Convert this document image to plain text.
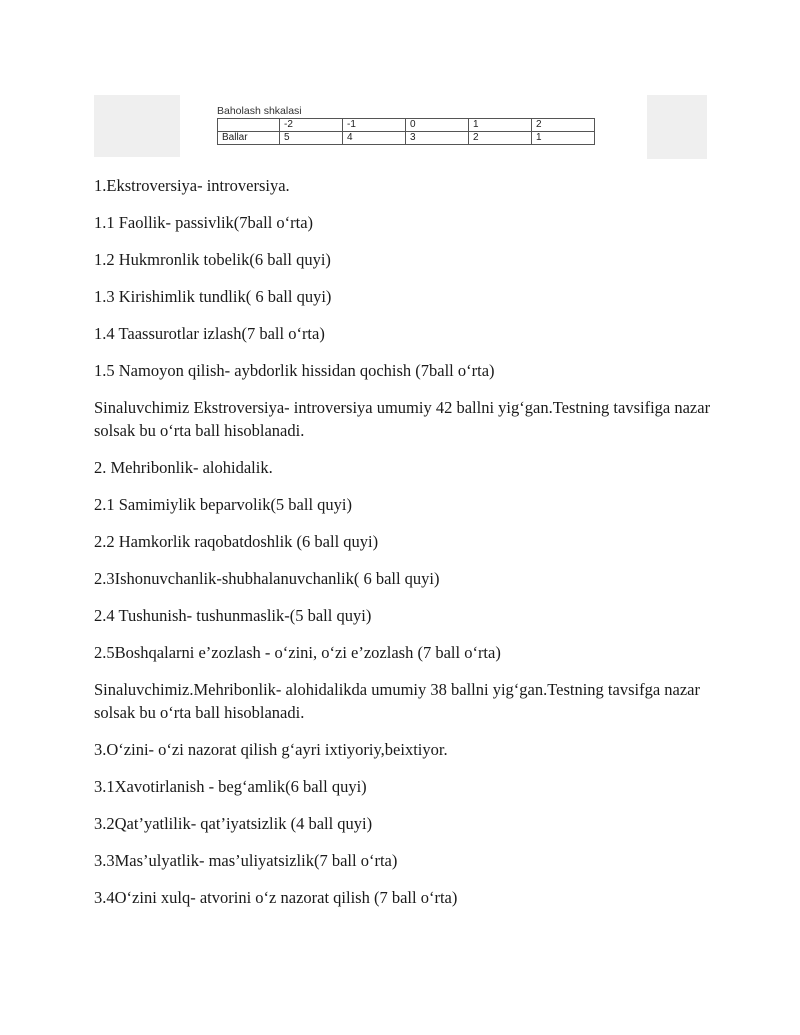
Baholash shkalasi
	-2	-1	0	1	2
Ballar	5	4	3	2	1

1.Ekstroversiya- introversiya.

1.1 Faollik- passivlik(7ball o‘rta)

1.2 Hukmronlik tobelik(6 ball quyi)

1.3 Kirishimlik tundlik( 6 ball quyi)

1.4 Taassurotlar izlash(7 ball o‘rta)

1.5 Namoyon qilish- aybdorlik hissidan qochish (7ball o‘rta)

Sinaluvchimiz Ekstroversiya- introversiya umumiy 42 ballni yig‘gan.Testning tavsifiga nazar solsak bu o‘rta ball hisoblanadi.

2. Mehribonlik- alohidalik.

2.1 Samimiylik beparvolik(5 ball quyi)

2.2 Hamkorlik raqobatdoshlik (6 ball quyi)

2.3Ishonuvchanlik-shubhalanuvchanlik( 6 ball quyi)

2.4 Tushunish- tushunmaslik-(5 ball quyi)

2.5Boshqalarni e’zozlash - o‘zini, o‘zi e’zozlash (7 ball o‘rta)

Sinaluvchimiz.Mehribonlik- alohidalikda umumiy 38 ballni yig‘gan.Testning tavsifga nazar solsak bu o‘rta ball hisoblanadi.

3.O‘zini- o‘zi nazorat qilish g‘ayri ixtiyoriy,beixtiyor.

3.1Xavotirlanish - beg‘amlik(6 ball quyi)

3.2Qat’yatlilik- qat’iyatsizlik (4 ball quyi)

3.3Mas’ulyatlik- mas’uliyatsizlik(7 ball o‘rta)

3.4O‘zini xulq- atvorini o‘z nazorat qilish (7 ball o‘rta)
